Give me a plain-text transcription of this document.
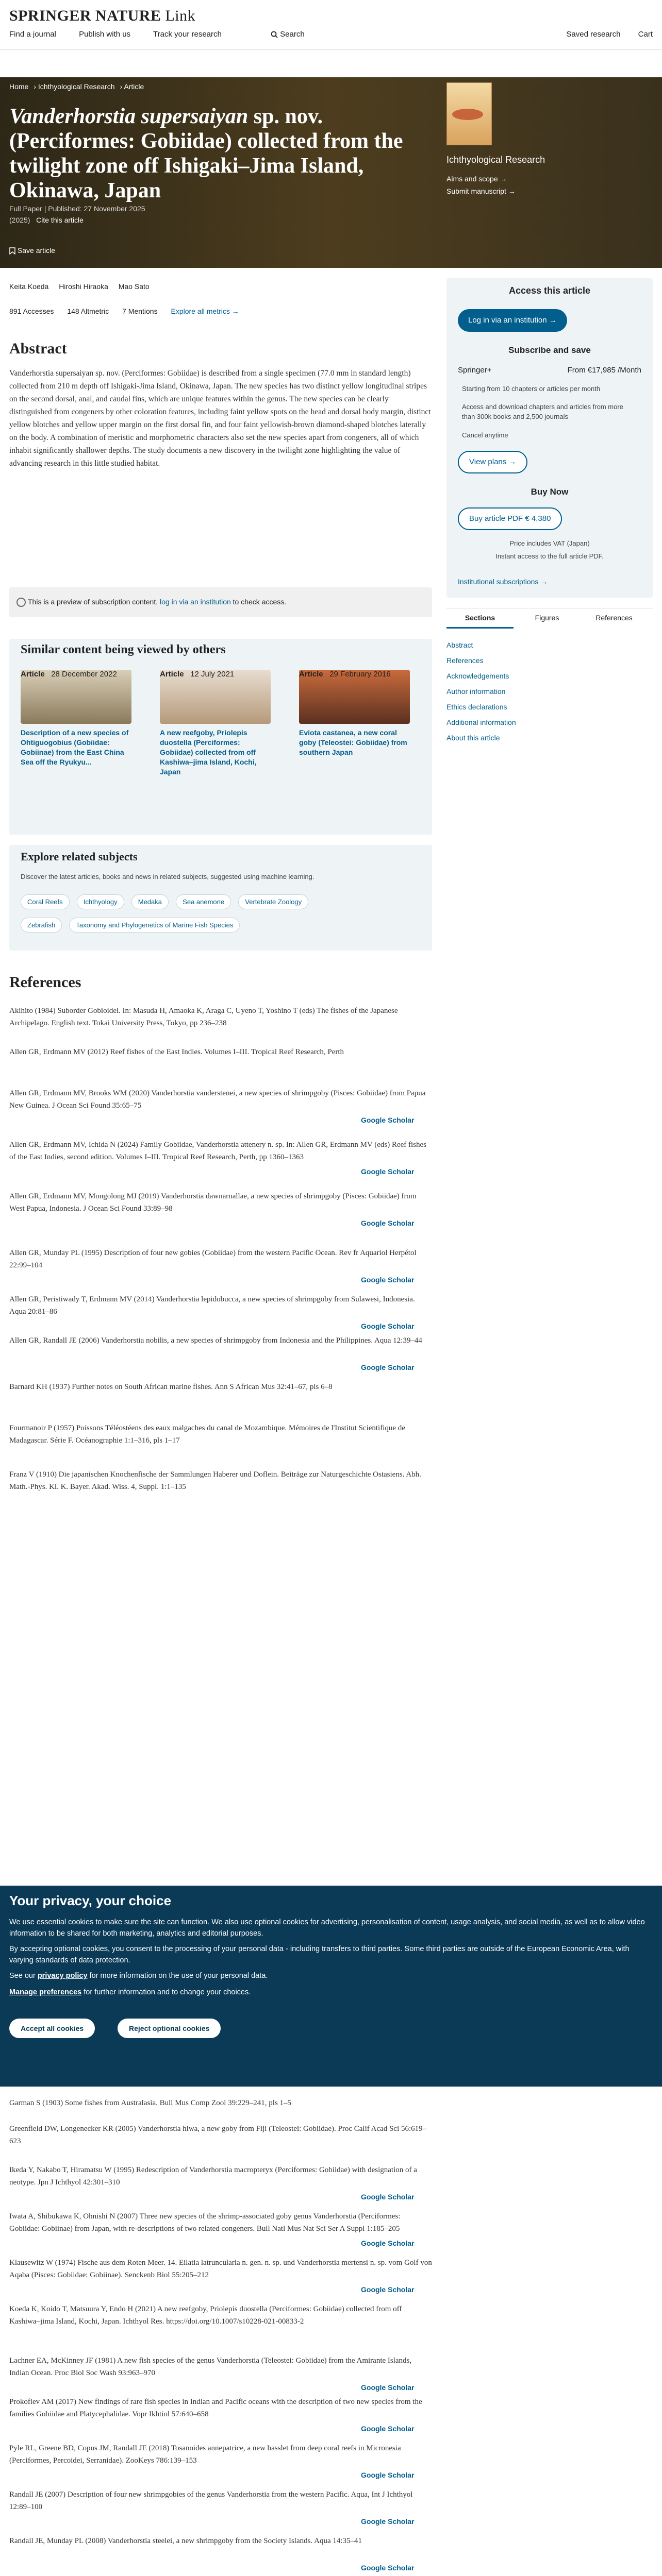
SPRINGER NATURE Link
Find a journal	Publish with us	Track your research	Search	Saved research Cart
Home › Ichthyological Research › Article
Vanderhorstia supersaiyan sp. nov. (Perciformes: Gobiidae) collected from the twilight zone off Ishigaki–Jima Island, Okinawa, Japan
Full Paper | Published: 27 November 2025
(2025) Cite this article
Save article
Ichthyological Research
Aims and scope →
Submit manuscript →
Keita Koeda Hiroshi Hiraoka Mao Sato
891 Accesses 148 Altmetric 7 Mentions Explore all metrics →
Abstract
Vanderhorstia supersaiyan sp. nov. (Perciformes: Gobiidae) is described from a single specimen (77.0 mm in standard length) collected from 210 m depth off Ishigaki-Jima Island, Okinawa, Japan. The new species has two distinct yellow longitudinal stripes on the second dorsal, anal, and caudal fins, which are unique features within the genus. The new species can be clearly distinguished from congeners by other coloration features, including faint yellow spots on the head and dorsal body margin, distinct yellow blotches and yellow upper margin on the first dorsal fin, and four faint yellowish-brown diamond-shaped blotches laterally on the body. A combination of meristic and morphometric characters also set the new species apart from congeners, all of which inhabit significantly shallower depths. The study documents a new discovery in the twilight zone highlighting the value of advancing research in this little studied habitat.
This is a preview of subscription content, log in via an institution to check access.
Similar content being viewed by others
Description of a new species of Ohtiguogobius (Gobiidae: Gobiinae) from the East China Sea off the Ryukyu...
A new reefgoby, Priolepis duostella (Perciformes: Gobiidae) collected from off Kashiwa–jima Island, Kochi, Japan
Eviota castanea, a new coral goby (Teleostei: Gobiidae) from southern Japan
Article 28 December 2022	Article 12 July 2021	Article 29 February 2016
Explore related subjects

Discover the latest articles, books and news in related subjects, suggested using machine learning.

Coral Reefs	Ichthyology	Medaka	Sea anemone	Vertebrate Zoology
Zebrafish	Taxonomy and Phylogenetics of Marine Fish Species
Access this article
Log in via an institution →
Subscribe and save
Springer+	From €17,985 /Month
Starting from 10 chapters or articles per month
Access and download chapters and articles from more than 300k books and 2,500 journals
Cancel anytime
View plans →
Buy Now
Buy article PDF € 4,380
Price includes VAT (Japan)
Instant access to the full article PDF.
Institutional subscriptions →
Sections	Figures	References
Abstract
References
Acknowledgements
Author information
Ethics declarations
Additional information
About this article
References
Akihito (1984) Suborder Gobioidei. In: Masuda H, Amaoka K, Araga C, Uyeno T, Yoshino T (eds) The fishes of the Japanese Archipelago. English text. Tokai University Press, Tokyo, pp 236–238
Allen GR, Erdmann MV (2012) Reef fishes of the East Indies. Volumes I–III. Tropical Reef Research, Perth
Allen GR, Erdmann MV, Brooks WM (2020) Vanderhorstia vanderstenei, a new species of shrimpgoby (Pisces: Gobiidae) from Papua New Guinea. J Ocean Sci Found 35:65–75
Google Scholar
Allen GR, Erdmann MV, Ichida N (2024) Family Gobiidae, Vanderhorstia attenery n. sp. In: Allen GR, Erdmann MV (eds) Reef fishes of the East Indies, second edition. Volumes I–III. Tropical Reef Research, Perth, pp 1360–1363
Google Scholar
Allen GR, Erdmann MV, Mongolong MJ (2019) Vanderhorstia dawnarnallae, a new species of shrimpgoby (Pisces: Gobiidae) from West Papua, Indonesia. J Ocean Sci Found 33:89–98
Google Scholar
Allen GR, Munday PL (1995) Description of four new gobies (Gobiidae) from the western Pacific Ocean. Rev fr Aquariol Herpétol 22:99–104
Google Scholar
Allen GR, Peristiwady T, Erdmann MV (2014) Vanderhorstia lepidobucca, a new species of shrimpgoby from Sulawesi, Indonesia. Aqua 20:81–86
Google Scholar
Allen GR, Randall JE (2006) Vanderhorstia nobilis, a new species of shrimpgoby from Indonesia and the Philippines. Aqua 12:39–44
Google Scholar
Barnard KH (1937) Further notes on South African marine fishes. Ann S African Mus 32:41–67, pls 6–8
Fourmanoir P (1957) Poissons Téléostéens des eaux malgaches du canal de Mozambique. Mémoires de l'Institut Scientifique de Madagascar. Série F. Océanographie 1:1–316, pls 1–17
Franz V (1910) Die japanischen Knochenfische der Sammlungen Haberer und Doflein. Beiträge zur Naturgeschichte Ostasiens. Abh. Math.-Phys. Kl. K. Bayer. Akad. Wiss. 4, Suppl. 1:1–135
Garman S (1903) Some fishes from Australasia. Bull Mus Comp Zool 39:229–241, pls 1–5
Greenfield DW, Longenecker KR (2005) Vanderhorstia hiwa, a new goby from Fiji (Teleostei: Gobiidae). Proc Calif Acad Sci 56:619–623
Ikeda Y, Nakabo T, Hiramatsu W (1995) Redescription of Vanderhorstia macropteryx (Perciformes: Gobiidae) with designation of a neotype. Jpn J Ichthyol 42:301–310
Google Scholar
Iwata A, Shibukawa K, Ohnishi N (2007) Three new species of the shrimp-associated goby genus Vanderhorstia (Perciformes: Gobiidae: Gobiinae) from Japan, with re-descriptions of two related congeners. Bull Natl Mus Nat Sci Ser A Suppl 1:185–205
Google Scholar
Klausewitz W (1974) Fische aus dem Roten Meer. 14. Eilatia latruncularia n. gen. n. sp. und Vanderhorstia mertensi n. sp. vom Golf von Aqaba (Pisces: Gobiidae: Gobiinae). Senckenb Biol 55:205–212
Google Scholar
Koeda K, Koido T, Matsuura Y, Endo H (2021) A new reefgoby, Priolepis duostella (Perciformes: Gobiidae) collected from off Kashiwa–jima Island, Kochi, Japan. Ichthyol Res. https://doi.org/10.1007/s10228-021-00833-2
Lachner EA, McKinney JF (1981) A new fish species of the genus Vanderhorstia (Teleostei: Gobiidae) from the Amirante Islands, Indian Ocean. Proc Biol Soc Wash 93:963–970
Google Scholar
Prokofiev AM (2017) New findings of rare fish species in Indian and Pacific oceans with the description of two new species from the families Gobiidae and Platycephalidae. Vopr Ikhtiol 57:640–658
Google Scholar
Pyle RL, Greene BD, Copus JM, Randall JE (2018) Tosanoides annepatrice, a new basslet from deep coral reefs in Micronesia (Perciformes, Percoidei, Serranidae). ZooKeys 786:139–153
Google Scholar
Randall JE (2007) Description of four new shrimpgobies of the genus Vanderhorstia from the western Pacific. Aqua, Int J Ichthyol 12:89–100
Google Scholar
Randall JE, Munday PL (2008) Vanderhorstia steelei, a new shrimpgoby from the Society Islands. Aqua 14:35–41
Google Scholar
Your privacy, your choice

We use essential cookies to make sure the site can function. We also use optional cookies for advertising, personalisation of content, usage analysis, and social media, as well as to allow video information to be shared for both marketing, analytics and editorial purposes.

By accepting optional cookies, you consent to the processing of your personal data - including transfers to third parties. Some third parties are outside of the European Economic Area, with varying standards of data protection.

See our privacy policy for more information on the use of your personal data.

Manage preferences for further information and to change your choices.

Accept all cookies	Reject optional cookies
